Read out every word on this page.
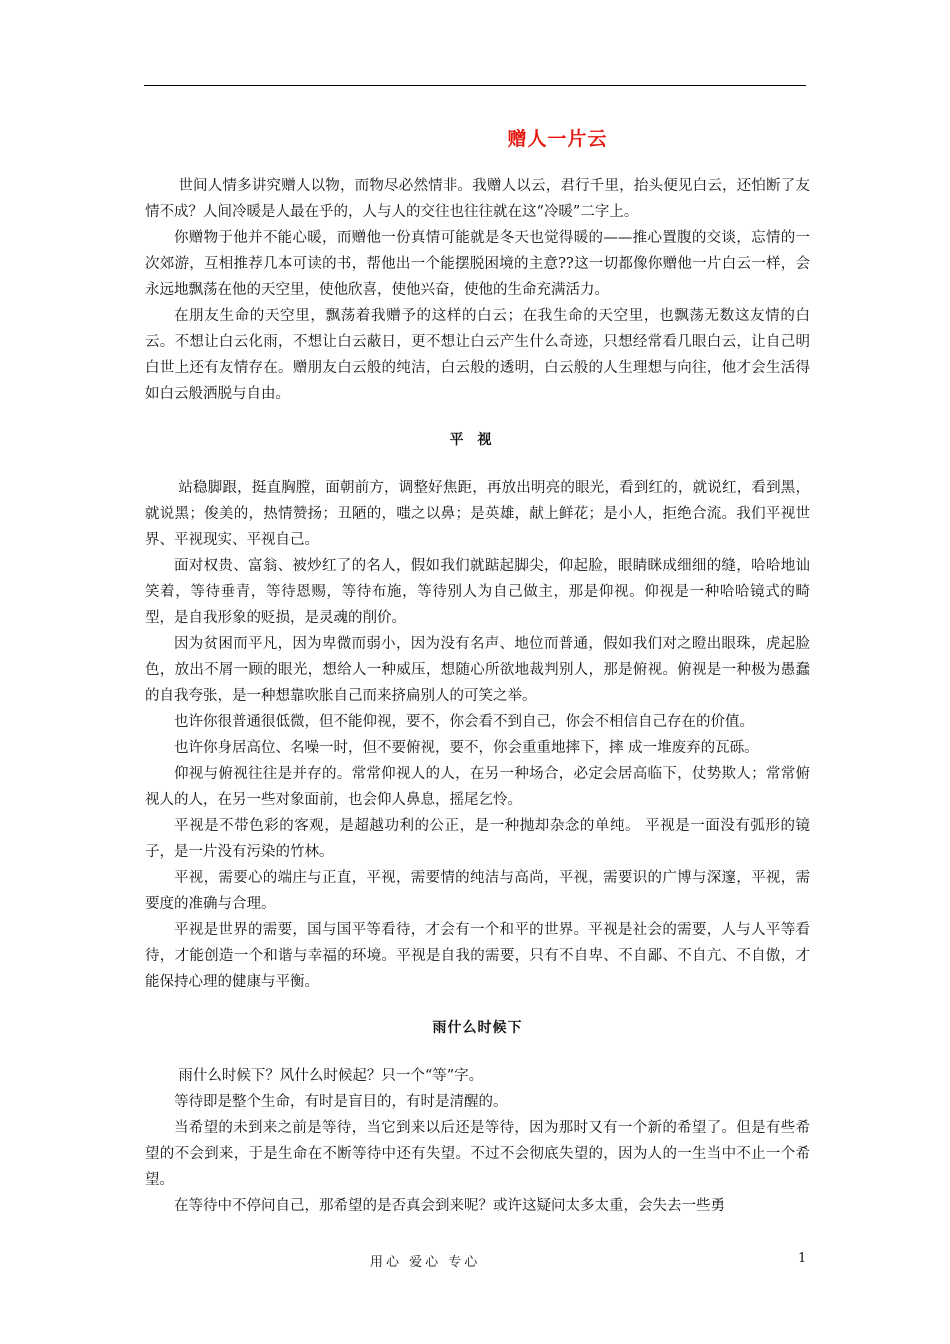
赠人一片云

世间人情多讲究赠人以物，而物尽必然情非。我赠人以云，君行千里，抬头便见白云，还怕断了友情不成？人间冷暖是人最在乎的，人与人的交往也往往就在这“冷暖”二字上。

你赠物于他并不能心暖，而赠他一份真情可能就是冬天也觉得暖的——推心置腹的交谈，忘情的一次郊游，互相推荐几本可读的书，帮他出一个能摆脱困境的主意??这一切都像你赠他一片白云一样，会永远地飘荡在他的天空里，使他欣喜，使他兴奋，使他的生命充满活力。

在朋友生命的天空里，飘荡着我赠予的这样的白云；在我生命的天空里，也飘荡无数这友情的白云。不想让白云化雨，不想让白云蔽日，更不想让白云产生什么奇迹，只想经常看几眼白云，让自己明白世上还有友情存在。赠朋友白云般的纯洁，白云般的透明，白云般的人生理想与向往，他才会生活得如白云般洒脱与自由。

平视

站稳脚跟，挺直胸膛，面朝前方，调整好焦距，再放出明亮的眼光，看到红的，就说红，看到黑，就说黑；俊美的，热情赞扬；丑陋的，嗤之以鼻；是英雄，献上鲜花；是小人，拒绝合流。我们平视世界、平视现实、平视自己。

面对权贵、富翁、被炒红了的名人，假如我们就踮起脚尖，仰起脸，眼睛眯成细细的缝，哈哈地讪笑着，等待垂青，等待恩赐，等待布施，等待别人为自己做主，那是仰视。仰视是一种哈哈镜式的畸型，是自我形象的贬损，是灵魂的削价。

因为贫困而平凡，因为卑微而弱小，因为没有名声、地位而普通，假如我们对之瞪出眼珠，虎起脸色，放出不屑一顾的眼光，想给人一种威压，想随心所欲地裁判别人，那是俯视。俯视是一种极为愚蠢的自我夸张，是一种想靠吹胀自己而来挤扁别人的可笑之举。

也许你很普通很低微，但不能仰视，要不，你会看不到自己，你会不相信自己存在的价值。

也许你身居高位、名噪一时，但不要俯视，要不，你会重重地摔下，摔 成一堆废弃的瓦砾。

仰视与俯视往往是并存的。常常仰视人的人，在另一种场合，必定会居高临下，仗势欺人；常常俯视人的人，在另一些对象面前，也会仰人鼻息，摇尾乞怜。

平视是不带色彩的客观，是超越功利的公正，是一种抛却杂念的单纯。 平视是一面没有弧形的镜子，是一片没有污染的竹林。

平视，需要心的端庄与正直，平视，需要情的纯洁与高尚，平视，需要识的广博与深邃，平视，需要度的准确与合理。

平视是世界的需要，国与国平等看待，才会有一个和平的世界。平视是社会的需要，人与人平等看待，才能创造一个和谐与幸福的环境。平视是自我的需要，只有不自卑、不自鄙、不自亢、不自傲，才能保持心理的健康与平衡。

雨什么时候下

雨什么时候下？风什么时候起？只一个“等”字。

等待即是整个生命，有时是盲目的，有时是清醒的。

当希望的未到来之前是等待，当它到来以后还是等待，因为那时又有一个新的希望了。但是有些希望的不会到来，于是生命在不断等待中还有失望。不过不会彻底失望的，因为人的一生当中不止一个希望。

在等待中不停问自己，那希望的是否真会到来呢？或许这疑问太多太重，会失去一些勇

用心 爱心 专心	1
